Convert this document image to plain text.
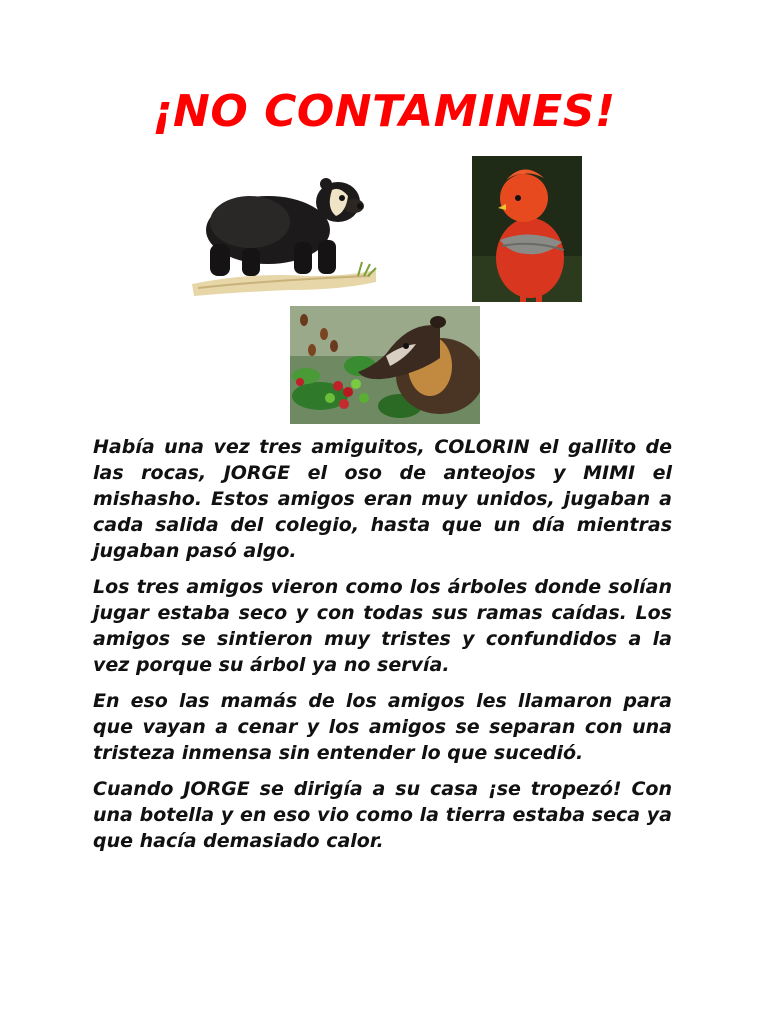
¡NO CONTAMINES!

Había una vez tres amiguitos, COLORIN el gallito de las rocas, JORGE el oso de anteojos y MIMI el mishasho. Estos amigos eran muy unidos, jugaban a cada salida del colegio, hasta que un día mientras jugaban pasó algo.

Los tres amigos vieron como los árboles donde solían jugar estaba seco y con todas sus ramas caídas. Los amigos se sintieron muy tristes y confundidos a la vez porque su árbol ya no servía.

En eso las mamás de los amigos les llamaron para que vayan a cenar y los amigos se separan con una tristeza inmensa sin entender lo que sucedió.

Cuando JORGE se dirigía a su casa ¡se tropezó! Con una botella y en eso vio como la tierra estaba seca ya que hacía demasiado calor.
